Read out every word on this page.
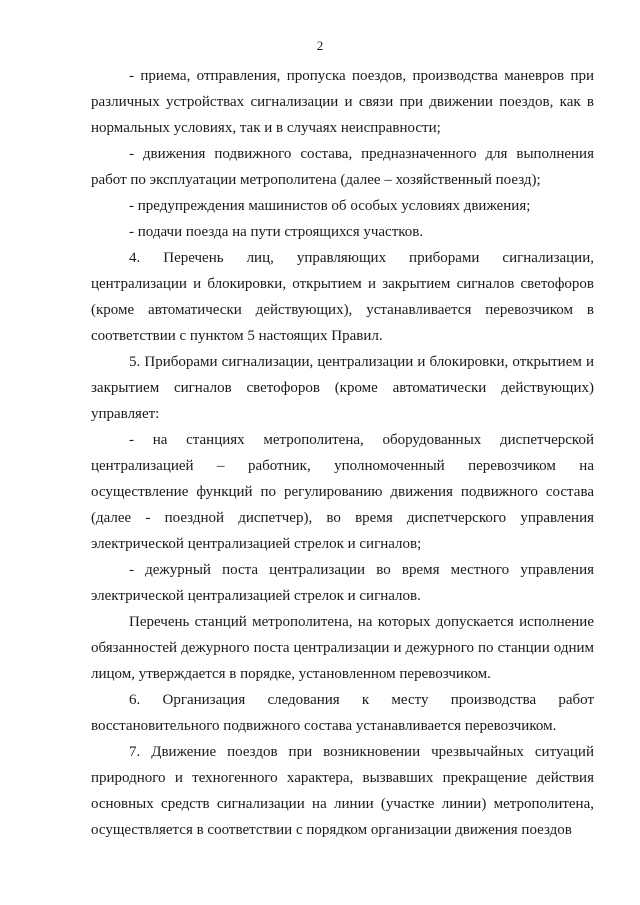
2

- приема, отправления, пропуска поездов, производства маневров при различных устройствах сигнализации и связи при движении поездов, как в нормальных условиях, так и в случаях неисправности;

- движения подвижного состава, предназначенного для выполнения работ по эксплуатации метрополитена (далее – хозяйственный поезд);

- предупреждения машинистов об особых условиях движения;

- подачи поезда на пути строящихся участков.

4. Перечень лиц, управляющих приборами сигнализации, централизации и блокировки, открытием и закрытием сигналов светофоров (кроме автоматически действующих), устанавливается перевозчиком в соответствии с пунктом 5 настоящих Правил.

5. Приборами сигнализации, централизации и блокировки, открытием и закрытием сигналов светофоров (кроме автоматически действующих) управляет:

- на станциях метрополитена, оборудованных диспетчерской централизацией – работник, уполномоченный перевозчиком на осуществление функций по регулированию движения подвижного состава (далее - поездной диспетчер), во время диспетчерского управления электрической централизацией стрелок и сигналов;

- дежурный поста централизации во время местного управления электрической централизацией стрелок и сигналов.

Перечень станций метрополитена, на которых допускается исполнение обязанностей дежурного поста централизации и дежурного по станции одним лицом, утверждается в порядке, установленном перевозчиком.

6. Организация следования к месту производства работ восстановительного подвижного состава устанавливается перевозчиком.

7. Движение поездов при возникновении чрезвычайных ситуаций природного и техногенного характера, вызвавших прекращение действия основных средств сигнализации на линии (участке линии) метрополитена, осуществляется в соответствии с порядком организации движения поездов
